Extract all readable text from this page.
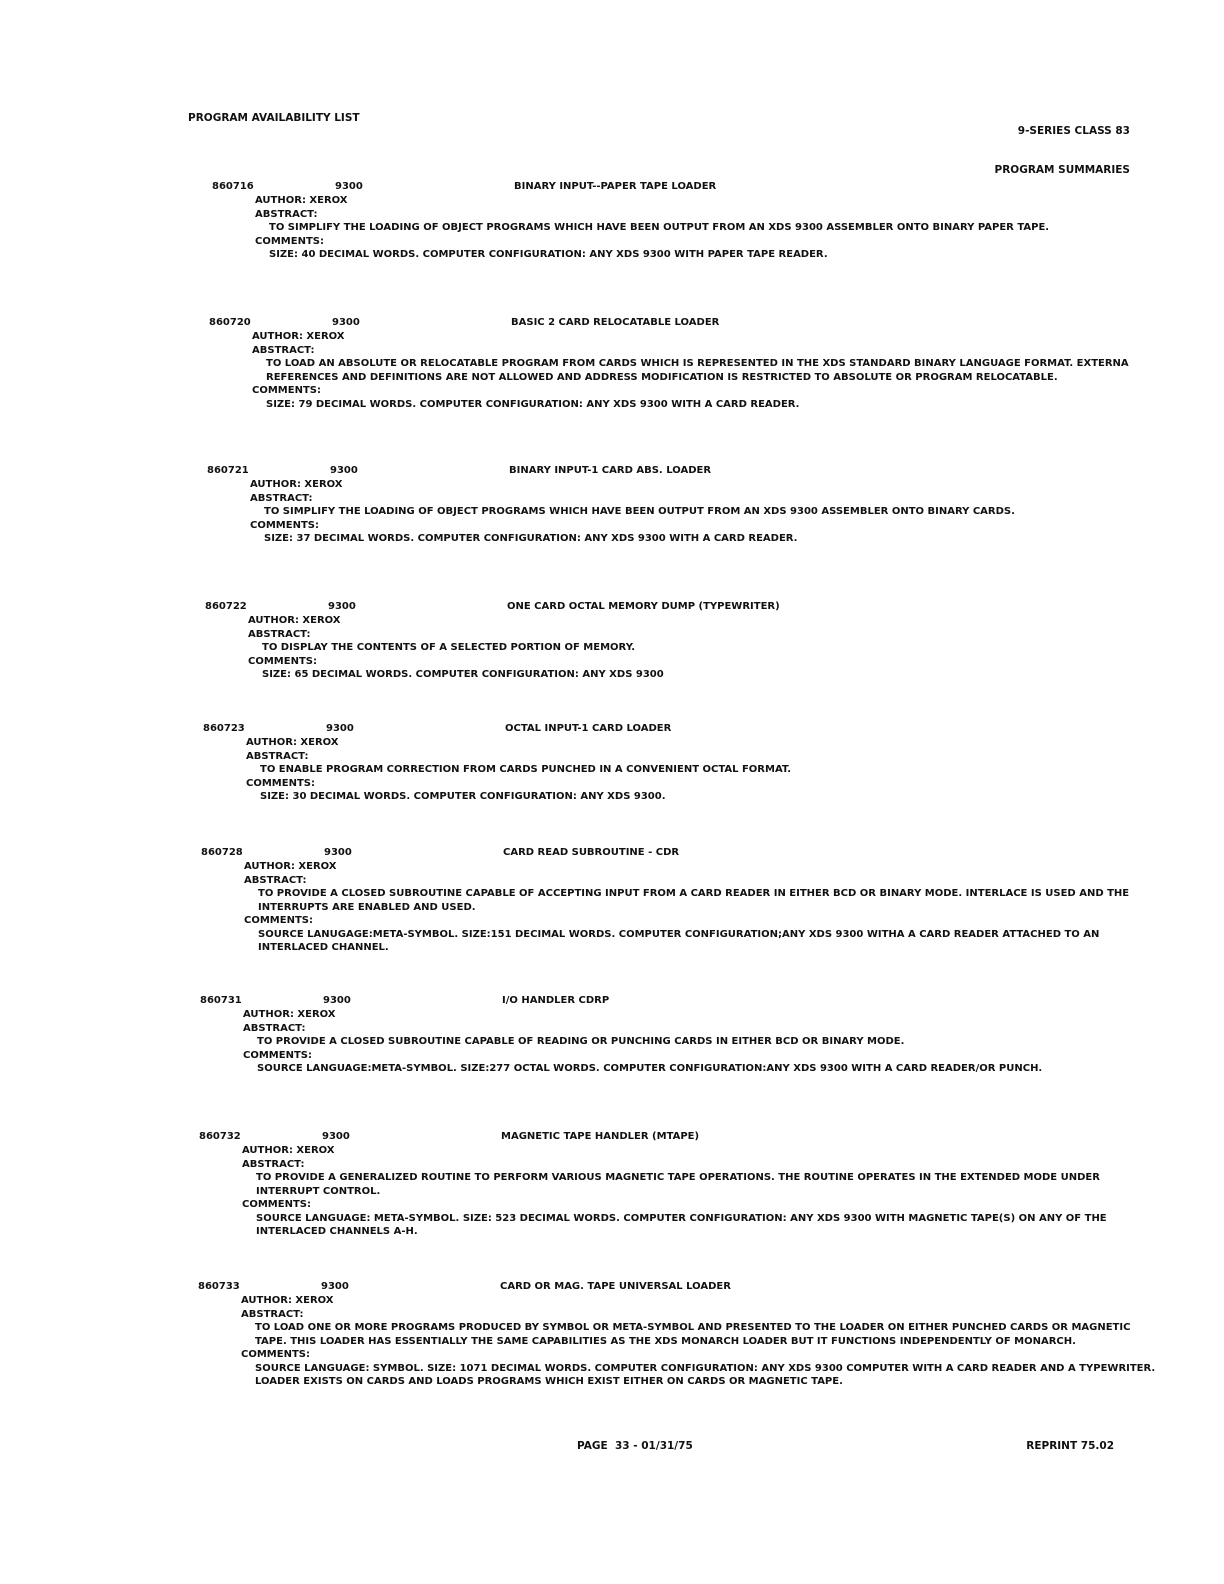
PROGRAM AVAILABILITY LIST

9-SERIES CLASS 83

PROGRAM SUMMARIES

860716	9300	BINARY INPUT--PAPER TAPE LOADER
AUTHOR: XEROX
ABSTRACT:
TO SIMPLIFY THE LOADING OF OBJECT PROGRAMS WHICH HAVE BEEN OUTPUT FROM AN XDS 9300 ASSEMBLER ONTO BINARY PAPER TAPE.
COMMENTS:
SIZE: 40 DECIMAL WORDS. COMPUTER CONFIGURATION: ANY XDS 9300 WITH PAPER TAPE READER.
860720	9300	BASIC 2 CARD RELOCATABLE LOADER
AUTHOR: XEROX
ABSTRACT:
TO LOAD AN ABSOLUTE OR RELOCATABLE PROGRAM FROM CARDS WHICH IS REPRESENTED IN THE XDS STANDARD BINARY LANGUAGE FORMAT. EXTERNA REFERENCES AND DEFINITIONS ARE NOT ALLOWED AND ADDRESS MODIFICATION IS RESTRICTED TO ABSOLUTE OR PROGRAM RELOCATABLE.
COMMENTS:
SIZE: 79 DECIMAL WORDS. COMPUTER CONFIGURATION: ANY XDS 9300 WITH A CARD READER.
860721	9300	BINARY INPUT-1 CARD ABS. LOADER
AUTHOR: XEROX
ABSTRACT:
TO SIMPLIFY THE LOADING OF OBJECT PROGRAMS WHICH HAVE BEEN OUTPUT FROM AN XDS 9300 ASSEMBLER ONTO BINARY CARDS.
COMMENTS:
SIZE: 37 DECIMAL WORDS. COMPUTER CONFIGURATION: ANY XDS 9300 WITH A CARD READER.
860722	9300	ONE CARD OCTAL MEMORY DUMP (TYPEWRITER)
AUTHOR: XEROX
ABSTRACT:
TO DISPLAY THE CONTENTS OF A SELECTED PORTION OF MEMORY.
COMMENTS:
SIZE: 65 DECIMAL WORDS. COMPUTER CONFIGURATION: ANY XDS 9300
860723	9300	OCTAL INPUT-1 CARD LOADER
AUTHOR: XEROX
ABSTRACT:
TO ENABLE PROGRAM CORRECTION FROM CARDS PUNCHED IN A CONVENIENT OCTAL FORMAT.
COMMENTS:
SIZE: 30 DECIMAL WORDS. COMPUTER CONFIGURATION: ANY XDS 9300.
860728	9300	CARD READ SUBROUTINE - CDR
AUTHOR: XEROX
ABSTRACT:
TO PROVIDE A CLOSED SUBROUTINE CAPABLE OF ACCEPTING INPUT FROM A CARD READER IN EITHER BCD OR BINARY MODE. INTERLACE IS USED AND THE INTERRUPTS ARE ENABLED AND USED.
COMMENTS:
SOURCE LANUGAGE:META-SYMBOL. SIZE:151 DECIMAL WORDS. COMPUTER CONFIGURATION;ANY XDS 9300 WITHA A CARD READER ATTACHED TO AN INTERLACED CHANNEL.
860731	9300	I/O HANDLER CDRP
AUTHOR: XEROX
ABSTRACT:
TO PROVIDE A CLOSED SUBROUTINE CAPABLE OF READING OR PUNCHING CARDS IN EITHER BCD OR BINARY MODE.
COMMENTS:
SOURCE LANGUAGE:META-SYMBOL. SIZE:277 OCTAL WORDS. COMPUTER CONFIGURATION:ANY XDS 9300 WITH A CARD READER/OR PUNCH.
860732	9300	MAGNETIC TAPE HANDLER (MTAPE)
AUTHOR: XEROX
ABSTRACT:
TO PROVIDE A GENERALIZED ROUTINE TO PERFORM VARIOUS MAGNETIC TAPE OPERATIONS. THE ROUTINE OPERATES IN THE EXTENDED MODE UNDER INTERRUPT CONTROL.
COMMENTS:
SOURCE LANGUAGE: META-SYMBOL. SIZE: 523 DECIMAL WORDS. COMPUTER CONFIGURATION: ANY XDS 9300 WITH MAGNETIC TAPE(S) ON ANY OF THE INTERLACED CHANNELS A-H.
860733	9300	CARD OR MAG. TAPE UNIVERSAL LOADER
AUTHOR: XEROX
ABSTRACT:
TO LOAD ONE OR MORE PROGRAMS PRODUCED BY SYMBOL OR META-SYMBOL AND PRESENTED TO THE LOADER ON EITHER PUNCHED CARDS OR MAGNETIC TAPE. THIS LOADER HAS ESSENTIALLY THE SAME CAPABILITIES AS THE XDS MONARCH LOADER BUT IT FUNCTIONS INDEPENDENTLY OF MONARCH.
COMMENTS:
SOURCE LANGUAGE: SYMBOL. SIZE: 1071 DECIMAL WORDS. COMPUTER CONFIGURATION: ANY XDS 9300 COMPUTER WITH A CARD READER AND A TYPEWRITER. LOADER EXISTS ON CARDS AND LOADS PROGRAMS WHICH EXIST EITHER ON CARDS OR MAGNETIC TAPE.
PAGE  33 - 01/31/75	REPRINT 75.02
